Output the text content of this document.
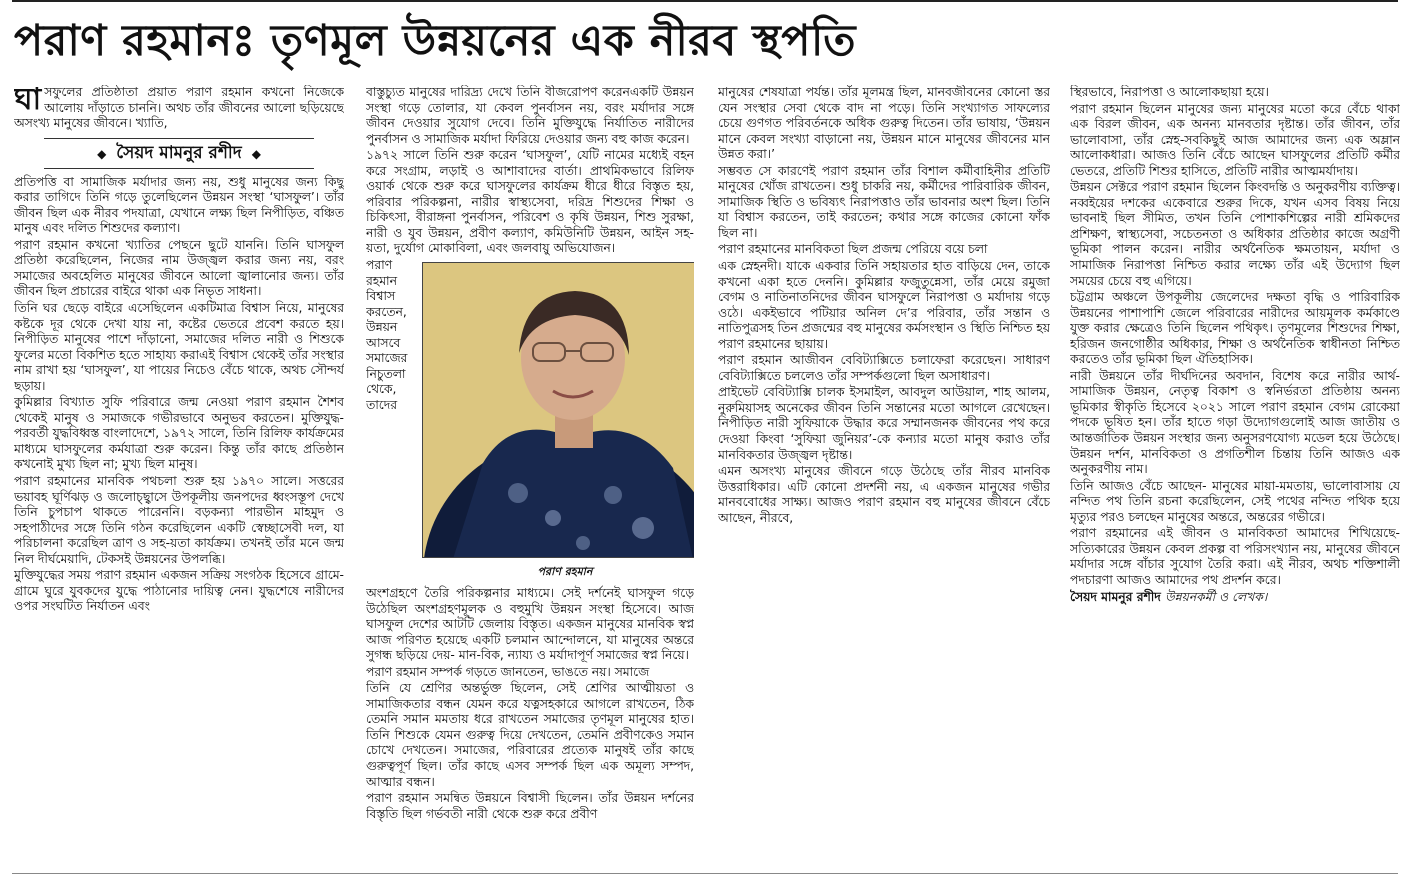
পরাণ রহমানঃ তৃণমূল উন্নয়নের এক নীরব স্থপতি

ঘাসফুলের প্রতিষ্ঠাতা প্রয়াত পরাণ রহমান কখনো নিজেকে আলোয় দাঁড়াতে চাননি। অথচ তাঁর জীবনের আলো ছড়িয়েছে অসংখ্য মানুষের জীবনে। খ্যাতি,

◆ সৈয়দ মামনুর রশীদ ◆

প্রতিপত্তি বা সামাজিক মর্যাদার জন্য নয়, শুধু মানুষের জন্য কিছু করার তাগিদে তিনি গড়ে তুলেছিলেন উন্নয়ন সংস্থা ‘ঘাসফুল’। তাঁর জীবন ছিল এক নীরব পদযাত্রা, যেখানে লক্ষ্য ছিল নিপীড়িত, বঞ্চিত মানুষ এবং দলিত শিশুদের কল্যাণ।

পরাণ রহমান কখনো খ্যাতির পেছনে ছুটে যাননি। তিনি ঘাসফুল প্রতিষ্ঠা করেছিলেন, নিজের নাম উজ্জ্বল করার জন্য নয়, বরং সমাজের অবহেলিত মানুষের জীবনে আলো জ্বালানোর জন্য। তাঁর জীবন ছিল প্রচারের বাইরে থাকা এক নিভৃত সাধনা।

তিনি ঘর ছেড়ে বাইরে এসেছিলেন একটিমাত্র বিশ্বাস নিয়ে, মানুষের কষ্টকে দূর থেকে দেখা যায় না, কষ্টের ভেতরে প্রবেশ করতে হয়। নিপীড়িত মানুষের পাশে দাঁড়ানো, সমাজের দলিত নারী ও শিশুকে ফুলের মতো বিকশিত হতে সাহায্য করাএই বিশ্বাস থেকেই তাঁর সংস্থার নাম রাখা হয় ‘ঘাসফুল’, যা পায়ের নিচেও বেঁচে থাকে, অথচ সৌন্দর্য ছড়ায়।

কুমিল্লার বিখ্যাত সুফি পরিবারে জন্ম নেওয়া পরাণ রহমান শৈশব থেকেই মানুষ ও সমাজকে গভীরভাবে অনুভব করতেন। মুক্তিযুদ্ধ-পরবর্তী যুদ্ধবিধ্বস্ত বাংলাদেশে, ১৯৭২ সালে, তিনি রিলিফ কার্যক্রমের মাধ্যমে ঘাসফুলের কর্মযাত্রা শুরু করেন। কিন্তু তাঁর কাছে প্রতিষ্ঠান কখনোই মুখ্য ছিল না; মুখ্য ছিল মানুষ।

পরাণ রহমানের মানবিক পথচলা শুরু হয় ১৯৭০ সালে। সত্তরের ভয়াবহ ঘূর্ণিঝড় ও জলোচ্ছ্বাসে উপকূলীয় জনপদের ধ্বংসস্তূপ দেখে তিনি চুপচাপ থাকতে পারেননি। বড়কন্যা পারভীন মাহমুদ ও সহপাঠীদের সঙ্গে তিনি গঠন করেছিলেন একটি স্বেচ্ছাসেবী দল, যা পরিচালনা করেছিল ত্রাণ ও সহ-য়তা কার্যক্রম। তখনই তাঁর মনে জন্ম নিল দীর্ঘমেয়াদি, টেকসই উন্নয়নের উপলব্ধি।

মুক্তিযুদ্ধের সময় পরাণ রহমান একজন সক্রিয় সংগঠক হিসেবে গ্রামে-গ্রামে ঘুরে যুবকদের যুদ্ধে পাঠানোর দায়িত্ব নেন। যুদ্ধশেষে নারীদের ওপর সংঘটিত নির্যাতন এবং

বাস্তুচ্যুত মানুষের দারিদ্র্য দেখে তিনি বীজরোপণ করেনএকটি উন্নয়ন সংস্থা গড়ে তোলার, যা কেবল পুনর্বাসন নয়, বরং মর্যাদার সঙ্গে জীবন দেওয়ার সুযোগ দেবে। তিনি মুক্তিযুদ্ধে নির্যাতিত নারীদের পুনর্বাসন ও সামাজিক মর্যাদা ফিরিয়ে দেওয়ার জন্য বহু কাজ করেন।

১৯৭২ সালে তিনি শুরু করেন ‘ঘাসফুল’, যেটি নামের মধ্যেই বহন করে সংগ্রাম, লড়াই ও আশাবাদের বার্তা। প্রাথমিকভাবে রিলিফ ওয়ার্ক থেকে শুরু করে ঘাসফুলের কার্যক্রম ধীরে ধীরে বিস্তৃত হয়, পরিবার পরিকল্পনা, নারীর স্বাস্থ্যসেবা, দরিদ্র শিশুদের শিক্ষা ও চিকিৎসা, বীরাঙ্গনা পুনর্বাসন, পরিবেশ ও কৃষি উন্নয়ন, শিশু সুরক্ষা, নারী ও যুব উন্নয়ন, প্রবীণ কল্যাণ, কমিউনিটি উন্নয়ন, আইন সহ-য়তা, দুর্যোগ মোকাবিলা, এবং জলবায়ু অভিযোজন।

পরাণ রহমান

পরাণ রহমান বিশ্বাস করতেন, উন্নয়ন আসবে সমাজের নিচুতলা থেকে, তাদের অংশগ্রহণে তৈরি পরিকল্পনার মাধ্যমে। সেই দর্শনেই ঘাসফুল গড়ে উঠেছিল অংশগ্রহণমূলক ও বহুমুখি উন্নয়ন সংস্থা হিসেবে। আজ ঘাসফুল দেশের আটটি জেলায় বিস্তৃত। একজন মানুষের মানবিক স্বপ্ন আজ পরিণত হয়েছে একটি চলমান আন্দোলনে, যা মানুষের অন্তরে সুগন্ধ ছড়িয়ে দেয়- মান-বিক, ন্যায্য ও মর্যাদাপূর্ণ সমাজের স্বপ্ন নিয়ে।

পরাণ রহমান সম্পর্ক গড়তে জানতেন, ভাঙতে নয়। সমাজে

তিনি যে শ্রেণির অন্তর্ভুক্ত ছিলেন, সেই শ্রেণির আত্মীয়তা ও সামাজিকতার বন্ধন যেমন করে যত্নসহকারে আগলে রাখতেন, ঠিক তেমনি সমান মমতায় ধরে রাখতেন সমাজের তৃণমূল মানুষের হাত। তিনি শিশুকে যেমন গুরুত্ব দিয়ে দেখতেন, তেমনি প্রবীণকেও সমান চোখে দেখতেন। সমাজের, পরিবারের প্রত্যেক মানুষই তাঁর কাছে গুরুত্বপূর্ণ ছিল। তাঁর কাছে এসব সম্পর্ক ছিল এক অমূল্য সম্পদ, আত্মার বন্ধন।

পরাণ রহমান সমন্বিত উন্নয়নে বিশ্বাসী ছিলেন। তাঁর উন্নয়ন দর্শনের বিস্তৃতি ছিল গর্ভবতী নারী থেকে শুরু করে প্রবীণ

মানুষের শেষযাত্রা পর্যন্ত। তাঁর মূলমন্ত্র ছিল, মানবজীবনের কোনো স্তর যেন সংস্থার সেবা থেকে বাদ না পড়ে। তিনি সংখ্যাগত সাফল্যের চেয়ে গুণগত পরিবর্তনকে অধিক গুরুত্ব দিতেন। তাঁর ভাষায়, ‘উন্নয়ন মানে কেবল সংখ্যা বাড়ানো নয়, উন্নয়ন মানে মানুষের জীবনের মান উন্নত করা।’

সম্ভবত সে কারণেই পরাণ রহমান তাঁর বিশাল কর্মীবাহিনীর প্রতিটি মানুষের খোঁজ রাখতেন। শুধু চাকরি নয়, কর্মীদের পারিবারিক জীবন, সামাজিক স্থিতি ও ভবিষ্যৎ নিরাপত্তাও তাঁর ভাবনার অংশ ছিল। তিনি যা বিশ্বাস করতেন, তাই করতেন; কথার সঙ্গে কাজের কোনো ফাঁক ছিল না।

পরাণ রহমানের মানবিকতা ছিল প্রজন্ম পেরিয়ে বয়ে চলা

এক স্নেহনদী। যাকে একবার তিনি সহায়তার হাত বাড়িয়ে দেন, তাকে কখনো একা হতে দেননি। কুমিল্লার ফজুতুন্নেসা, তাঁর মেয়ে রমুজা বেগম ও নাতিনাতনিদের জীবন ঘাসফুলে নিরাপত্তা ও মর্যাদায় গড়ে ওঠে। একইভাবে পটিয়ার অনিল দে’র পরিবার, তাঁর সন্তান ও নাতিপুত্রসহ তিন প্রজন্মের বহু মানুষের কর্মসংস্থান ও স্থিতি নিশ্চিত হয় পরাণ রহমানের ছায়ায়।

পরাণ রহমান আজীবন বেবিট্যাক্সিতে চলাফেরা করেছেন। সাধারণ বেবিট্যাক্সিতে চললেও তাঁর সম্পর্কগুলো ছিল অসাধারণ।

প্রাইভেট বেবিট্যাক্সি চালক ইসমাইল, আবদুল আউয়াল, শাহ আলম, নুরুমিয়াসহ অনেকের জীবন তিনি সন্তানের মতো আগলে রেখেছেন। নিপীড়িত নারী সুফিয়াকে উদ্ধার করে সম্মানজনক জীবনের পথ করে দেওয়া কিংবা ‘সুফিয়া জুনিয়র’-কে কন্যার মতো মানুষ করাও তাঁর মানবিকতার উজ্জ্বল দৃষ্টান্ত।

এমন অসংখ্য মানুষের জীবনে গড়ে উঠেছে তাঁর নীরব মানবিক উত্তরাধিকার। এটি কোনো প্রদর্শনী নয়, এ একজন মানুষের গভীর মানববোধের সাক্ষ্য। আজও পরাণ রহমান বহু মানুষের জীবনে বেঁচে আছেন, নীরবে,

স্থিরভাবে, নিরাপত্তা ও আলোকছায়া হয়ে।

পরাণ রহমান ছিলেন মানুষের জন্য মানুষের মতো করে বেঁচে থাকা এক বিরল জীবন, এক অনন্য মানবতার দৃষ্টান্ত। তাঁর জীবন, তাঁর ভালোবাসা, তাঁর স্নেহ-সবকিছুই আজ আমাদের জন্য এক অম্লান আলোকধারা। আজও তিনি বেঁচে আছেন ঘাসফুলের প্রতিটি কর্মীর ভেতরে, প্রতিটি শিশুর হাসিতে, প্রতিটি নারীর আত্মমর্যাদায়।

উন্নয়ন সেক্টরে পরাণ রহমান ছিলেন কিংবদন্তি ও অনুকরণীয় ব্যক্তিত্ব। নব্বইয়ের দশকের একেবারে শুরুর দিকে, যখন এসব বিষয় নিয়ে ভাবনাই ছিল সীমিত, তখন তিনি পোশাকশিল্পের নারী শ্রমিকদের প্রশিক্ষণ, স্বাস্থ্যসেবা, সচেতনতা ও অধিকার প্রতিষ্ঠার কাজে অগ্রণী ভূমিকা পালন করেন। নারীর অর্থনৈতিক ক্ষমতায়ন, মর্যাদা ও সামাজিক নিরাপত্তা নিশ্চিত করার লক্ষ্যে তাঁর এই উদ্যোগ ছিল সময়ের চেয়ে বহু এগিয়ে।

চট্টগ্রাম অঞ্চলে উপকূলীয় জেলেদের দক্ষতা বৃদ্ধি ও পারিবারিক উন্নয়নের পাশাপাশি জেলে পরিবারের নারীদের আয়মূলক কর্মকাণ্ডে যুক্ত করার ক্ষেত্রেও তিনি ছিলেন পথিকৃৎ। তৃণমূলের শিশুদের শিক্ষা, হরিজন জনগোষ্ঠীর অধিকার, শিক্ষা ও অর্থনৈতিক স্বাধীনতা নিশ্চিত করতেও তাঁর ভূমিকা ছিল ঐতিহাসিক।

নারী উন্নয়নে তাঁর দীর্ঘদিনের অবদান, বিশেষ করে নারীর আর্থ-সামাজিক উন্নয়ন, নেতৃত্ব বিকাশ ও স্বনির্ভরতা প্রতিষ্ঠায় অনন্য ভূমিকার স্বীকৃতি হিসেবে ২০২১ সালে পরাণ রহমান বেগম রোকেয়া পদকে ভূষিত হন। তাঁর হাতে গড়া উদ্যোগগুলোই আজ জাতীয় ও আন্তর্জাতিক উন্নয়ন সংস্থার জন্য অনুসরণযোগ্য মডেল হয়ে উঠেছে। উন্নয়ন দর্শন, মানবিকতা ও প্রগতিশীল চিন্তায় তিনি আজও এক অনুকরণীয় নাম।

তিনি আজও বেঁচে আছেন- মানুষের মায়া-মমতায়, ভালোবাসায় যে নন্দিত পথ তিনি রচনা করেছিলেন, সেই পথের নন্দিত পথিক হয়ে মৃত্যুর পরও চলছেন মানুষের অন্তরে, অন্তরের গভীরে।

পরাণ রহমানের এই জীবন ও মানবিকতা আমাদের শিখিয়েছে-সত্যিকারের উন্নয়ন কেবল প্রকল্প বা পরিসংখ্যান নয়, মানুষের জীবনে মর্যাদার সঙ্গে বাঁচার সুযোগ তৈরি করা। এই নীরব, অথচ শক্তিশালী পদচারণা আজও আমাদের পথ প্রদর্শন করে।

সৈয়দ মামনুর রশীদ উন্নয়নকর্মী ও লেখক।
